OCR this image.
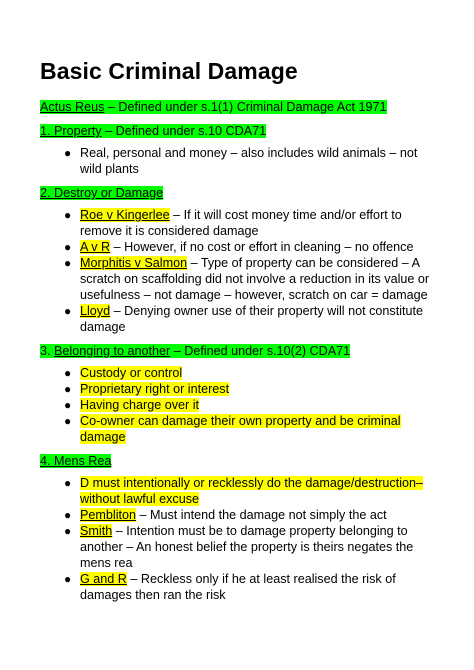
Basic Criminal Damage

Actus Reus – Defined under s.1(1) Criminal Damage Act 1971

1. Property – Defined under s.10 CDA71

● Real, personal and money – also includes wild animals – not wild plants

2. Destroy or Damage

● Roe v Kingerlee – If it will cost money time and/or effort to remove it is considered damage
● A v R – However, if no cost or effort in cleaning – no offence
● Morphitis v Salmon – Type of property can be considered – A scratch on scaffolding did not involve a reduction in its value or usefulness – not damage – however, scratch on car = damage
● Lloyd – Denying owner use of their property will not constitute damage

3. Belonging to another – Defined under s.10(2) CDA71

● Custody or control
● Proprietary right or interest
● Having charge over it
● Co-owner can damage their own property and be criminal damage

4. Mens Rea

● D must intentionally or recklessly do the damage/destruction– without lawful excuse
● Pembliton – Must intend the damage not simply the act
● Smith – Intention must be to damage property belonging to another – An honest belief the property is theirs negates the mens rea
● G and R – Reckless only if he at least realised the risk of damages then ran the risk
